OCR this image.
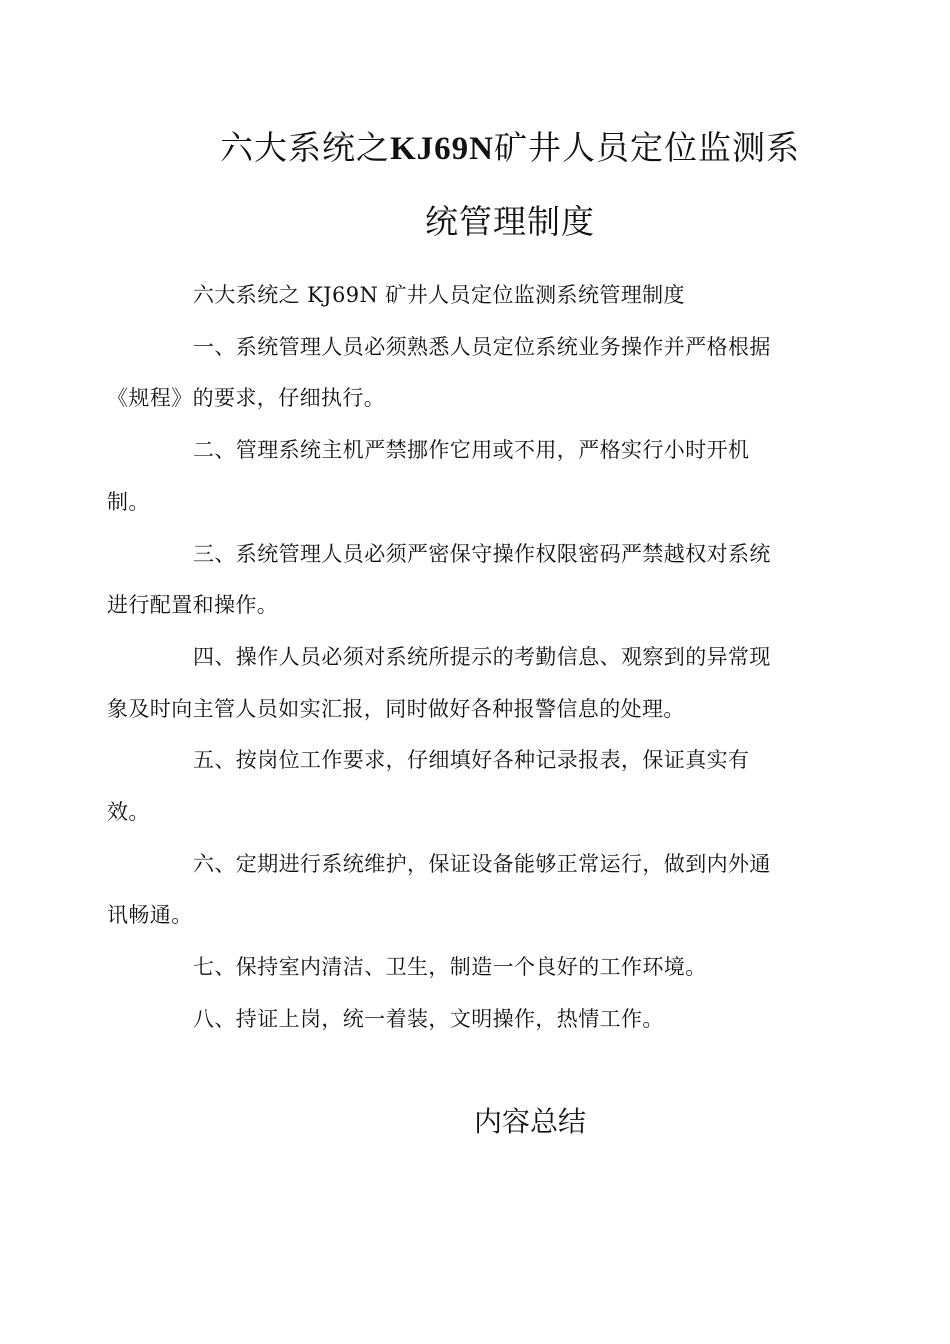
六大系统之KJ69N矿井人员定位监测系
统管理制度

六大系统之 KJ69N 矿井人员定位监测系统管理制度

一、系统管理人员必须熟悉人员定位系统业务操作并严格根据
《规程》的要求，仔细执行。

二、管理系统主机严禁挪作它用或不用，严格实行小时开机
制。

三、系统管理人员必须严密保守操作权限密码严禁越权对系统
进行配置和操作。

四、操作人员必须对系统所提示的考勤信息、观察到的异常现
象及时向主管人员如实汇报，同时做好各种报警信息的处理。

五、按岗位工作要求，仔细填好各种记录报表，保证真实有
效。

六、定期进行系统维护，保证设备能够正常运行，做到内外通
讯畅通。

七、保持室内清洁、卫生，制造一个良好的工作环境。

八、持证上岗，统一着装，文明操作，热情工作。

内容总结
